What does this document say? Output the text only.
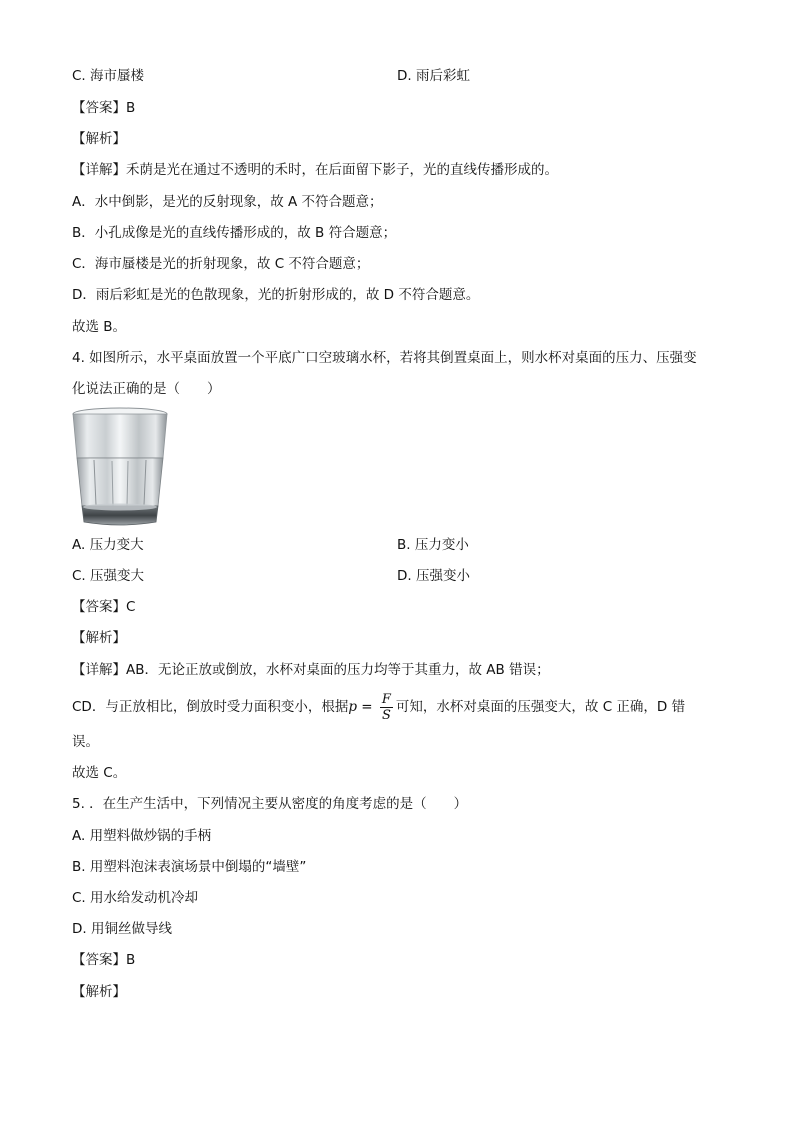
C. 海市蜃楼	D. 雨后彩虹
【答案】B
【解析】
【详解】禾荫是光在通过不透明的禾时，在后面留下影子，光的直线传播形成的。
A．水中倒影，是光的反射现象，故 A 不符合题意；
B．小孔成像是光的直线传播形成的，故 B 符合题意；
C．海市蜃楼是光的折射现象，故 C 不符合题意；
D．雨后彩虹是光的色散现象，光的折射形成的，故 D 不符合题意。
故选 B。
4. 如图所示，水平桌面放置一个平底广口空玻璃水杯，若将其倒置桌面上，则水杯对桌面的压力、压强变
化说法正确的是（　　）
A. 压力变大	B. 压力变小
C. 压强变大	D. 压强变小
【答案】C
【解析】
【详解】AB．无论正放或倒放，水杯对桌面的压力均等于其重力，故 AB 错误；
CD．与正放相比，倒放时受力面积变小，根据$p = \frac{F}{S}$ 可知，水杯对桌面的压强变大，故 C 正确，D 错
误。
故选 C。
5. ．在生产生活中，下列情况主要从密度的角度考虑的是（　　）
A. 用塑料做炒锅的手柄
B. 用塑料泡沫表演场景中倒塌的“墙壁”
C. 用水给发动机冷却
D. 用铜丝做导线
【答案】B
【解析】
